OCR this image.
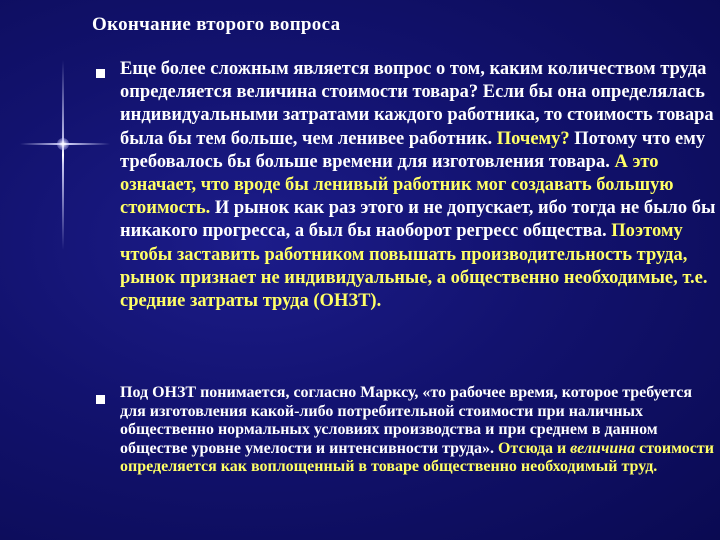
Окончание второго вопроса

Еще более сложным является вопрос о том, каким количеством труда определяется величина стоимости товара? Если бы она определялась индивидуальными затратами каждого работника, то стоимость товара была бы тем больше, чем ленивее работник. Почему? Потому что ему требовалось бы больше времени для изготовления товара. А это означает, что вроде бы ленивый работник мог создавать большую стоимость. И рынок как раз этого и не допускает, ибо тогда не было бы никакого прогресса, а был бы наоборот регресс общества. Поэтому чтобы заставить работником повышать производительность труда, рынок признает не индивидуальные, а общественно необходимые, т.е. средние затраты труда (ОНЗТ).

Под ОНЗТ понимается, согласно Марксу, «то рабочее время, которое требуется для изготовления какой-либо потребительной стоимости при наличных общественно нормальных условиях производства и при среднем в данном обществе уровне умелости и интенсивности труда». Отсюда и величина стоимости определяется как воплощенный в товаре общественно необходимый труд.
